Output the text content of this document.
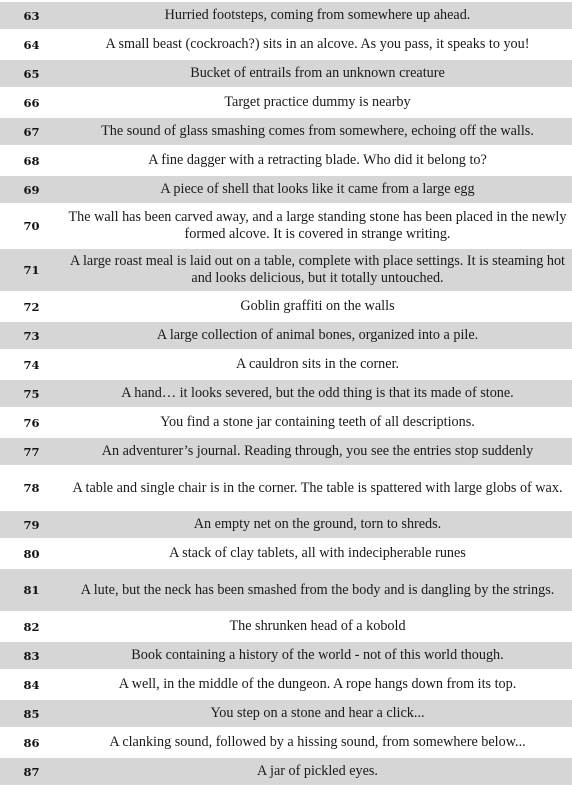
63	Hurried footsteps, coming from somewhere up ahead.
64	A small beast (cockroach?) sits in an alcove. As you pass, it speaks to you!
65	Bucket of entrails from an unknown creature
66	Target practice dummy is nearby
67	The sound of glass smashing comes from somewhere, echoing off the walls.
68	A fine dagger with a retracting blade. Who did it belong to?
69	A piece of shell that looks like it came from a large egg
70	The wall has been carved away, and a large standing stone has been placed in the newly formed alcove. It is covered in strange writing.
71	A large roast meal is laid out on a table, complete with place settings. It is steaming hot and looks delicious, but it totally untouched.
72	Goblin graffiti on the walls
73	A large collection of animal bones, organized into a pile.
74	A cauldron sits in the corner.
75	A hand… it looks severed, but the odd thing is that its made of stone.
76	You find a stone jar containing teeth of all descriptions.
77	An adventurer’s journal. Reading through, you see the entries stop suddenly
78	A table and single chair is in the corner. The table is spattered with large globs of wax.
79	An empty net on the ground, torn to shreds.
80	A stack of clay tablets, all with indecipherable runes
81	A lute, but the neck has been smashed from the body and is dangling by the strings.
82	The shrunken head of a kobold
83	Book containing a history of the world - not of this world though.
84	A well, in the middle of the dungeon. A rope hangs down from its top.
85	You step on a stone and hear a click...
86	A clanking sound, followed by a hissing sound, from somewhere below...
87	A jar of pickled eyes.
